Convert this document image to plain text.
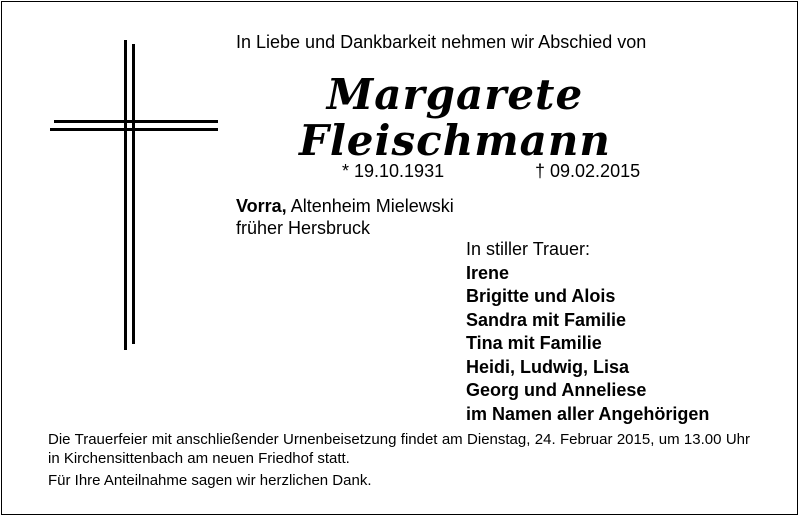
In Liebe und Dankbarkeit nehmen wir Abschied von
Margarete
Fleischmann
* 19.10.1931	† 09.02.2015
Vorra, Altenheim Mielewski
früher Hersbruck
In stiller Trauer:
Irene
Brigitte und Alois
Sandra mit Familie
Tina mit Familie
Heidi, Ludwig, Lisa
Georg und Anneliese
im Namen aller Angehörigen

Die Trauerfeier mit anschließender Urnenbeisetzung findet am Dienstag, 24. Februar 2015, um 13.00 Uhr in Kirchensittenbach am neuen Friedhof statt.

Für Ihre Anteilnahme sagen wir herzlichen Dank.
